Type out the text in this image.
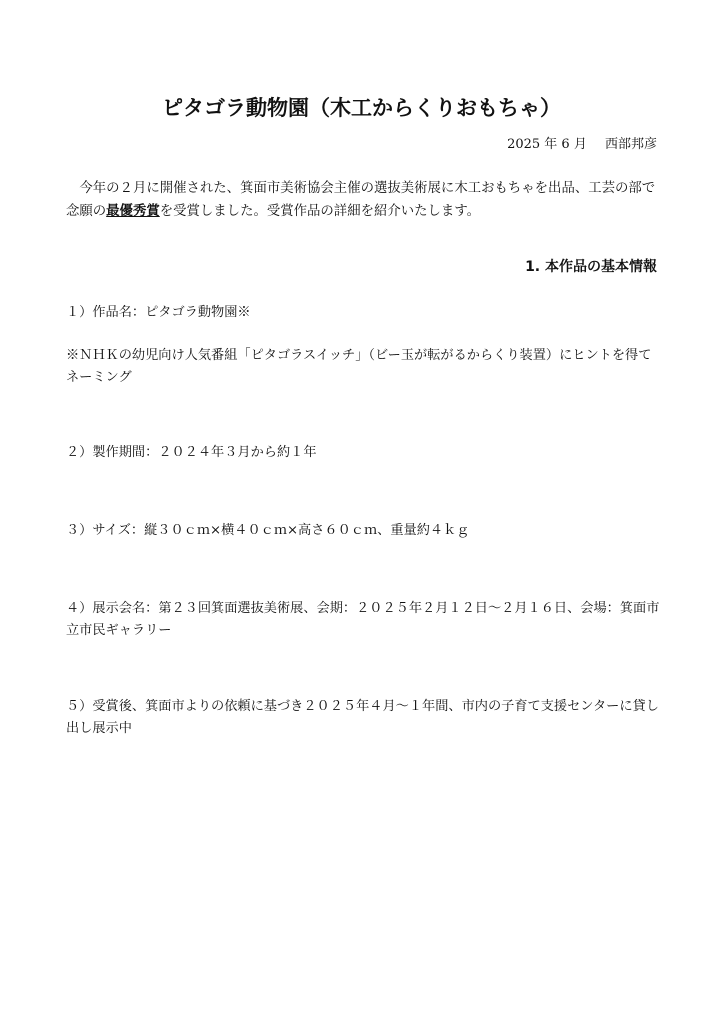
ピタゴラ動物園（木工からくりおもちゃ）
2025 年 6 月 西部邦彦
今年の２月に開催された、箕面市美術協会主催の選抜美術展に木工おもちゃを出品、工芸の部で念願の最優秀賞を受賞しました。受賞作品の詳細を紹介いたします。
1. 本作品の基本情報
１）作品名：ピタゴラ動物園※
※ＮＨＫの幼児向け人気番組「ピタゴラスイッチ」（ビー玉が転がるからくり装置）にヒントを得てネーミング
２）製作期間：２０２４年３月から約１年
３）サイズ：縦３０ｃｍ×横４０ｃｍ×高さ６０ｃｍ、重量約４ｋｇ
４）展示会名：第２３回箕面選抜美術展、会期：２０２５年２月１２日～２月１６日、会場：箕面市立市民ギャラリー
５）受賞後、箕面市よりの依頼に基づき２０２５年４月～１年間、市内の子育て支援センターに貸し出し展示中
